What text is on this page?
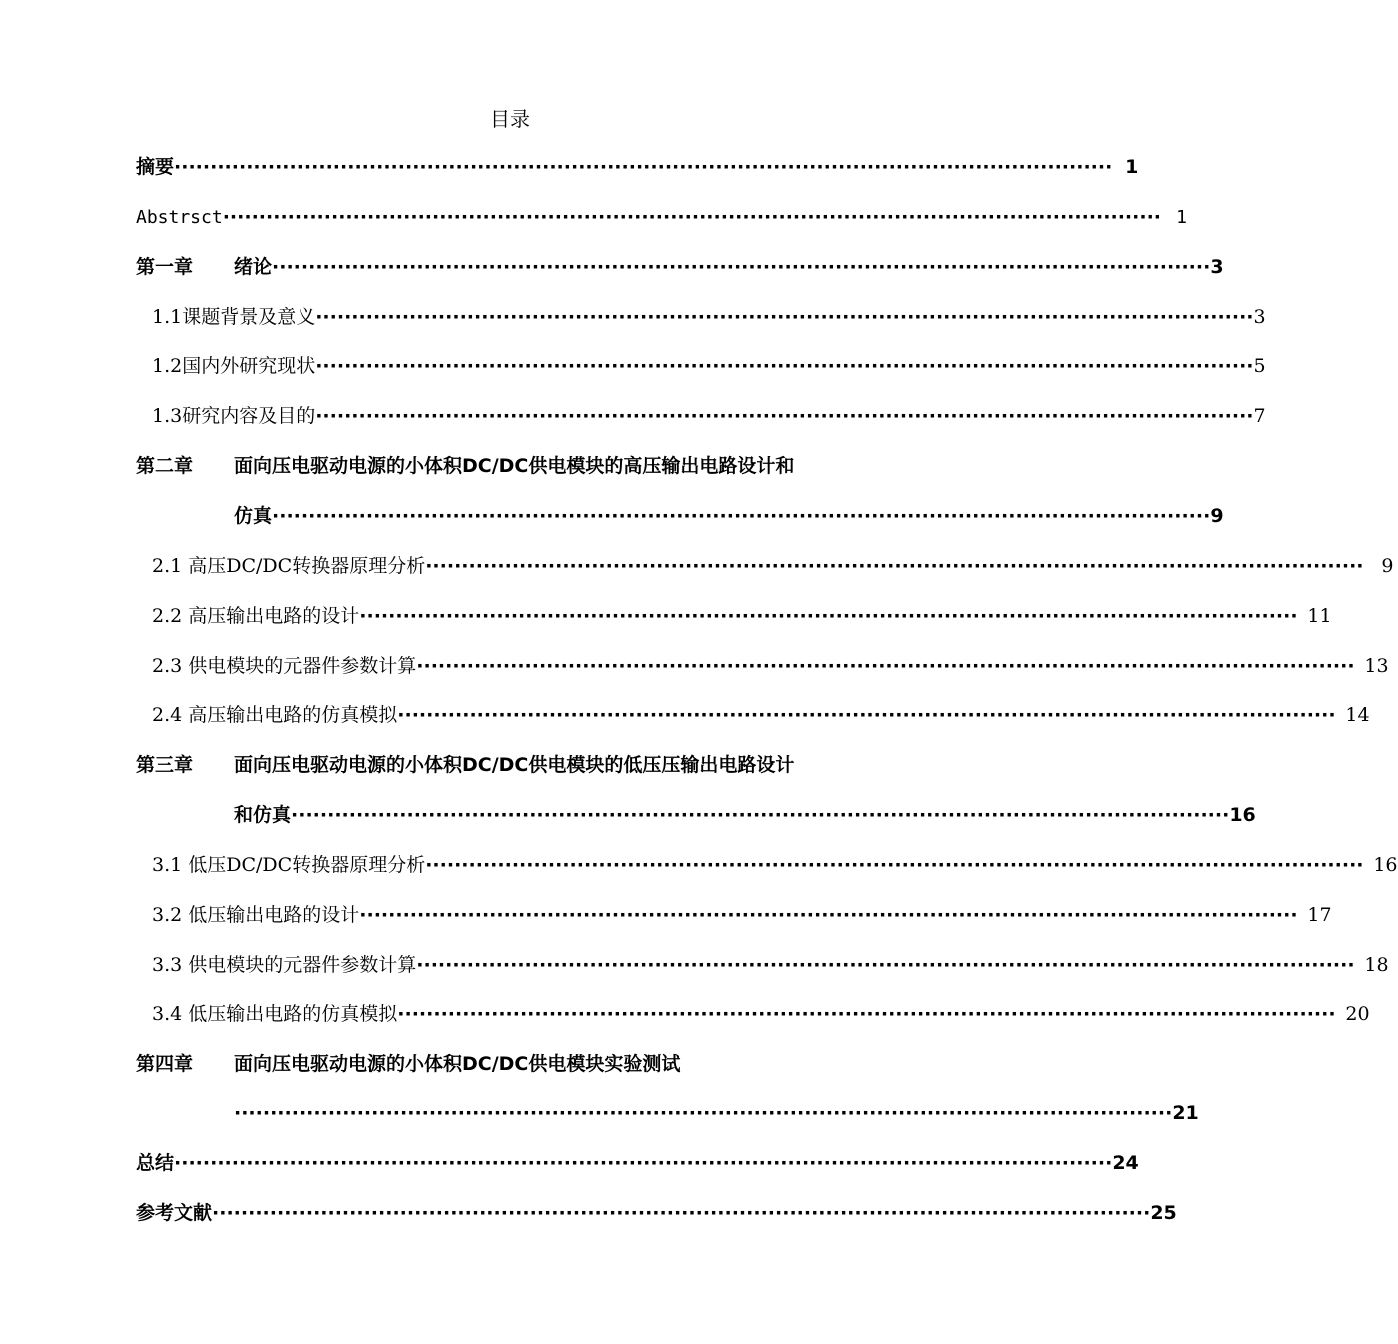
目录
摘要 ·································································································································· 1
Abstrsct ·································································································································· 1
第一章	绪论 ·································································································································· 3
1.1课题背景及意义 ·································································································································· 3
1.2国内外研究现状 ·································································································································· 5
1.3研究内容及目的 ·································································································································· 7
第二章 面向压电驱动电源的小体积DC/DC供电模块的高压输出电路设计和
仿真 ·································································································································· 9
2.1 高压DC/DC转换器原理分析 ·································································································································· 9
2.2 高压输出电路的设计 ·································································································································· 11
2.3 供电模块的元器件参数计算 ·································································································································· 13
2.4 高压输出电路的仿真模拟 ·································································································································· 14
第三章 面向压电驱动电源的小体积DC/DC供电模块的低压压输出电路设计
和仿真 ·································································································································· 16
3.1 低压DC/DC转换器原理分析 ·································································································································· 16
3.2 低压输出电路的设计 ·································································································································· 17
3.3 供电模块的元器件参数计算 ·································································································································· 18
3.4 低压输出电路的仿真模拟 ·································································································································· 20
第四章 面向压电驱动电源的小体积DC/DC供电模块实验测试
·································································································································· 21
总结 ·································································································································· 24
参考文献 ·································································································································· 25
